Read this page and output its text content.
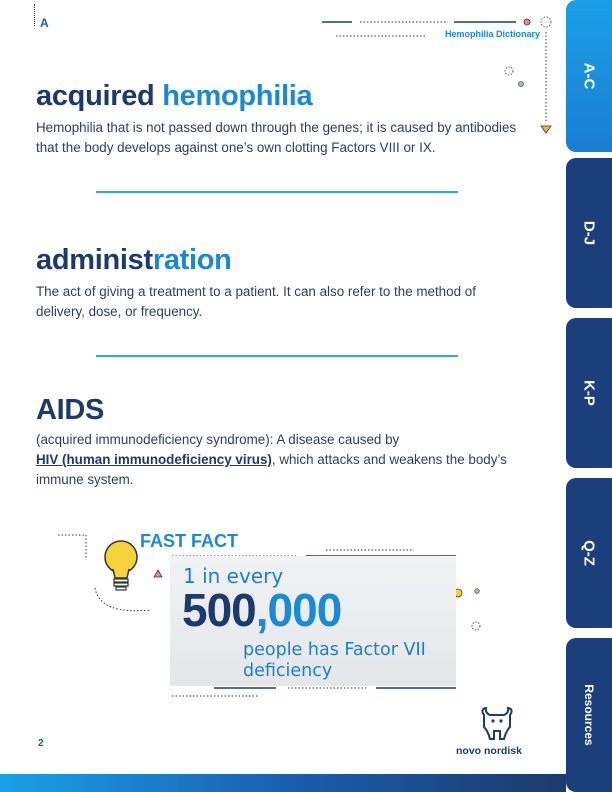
A
Hemophilia Dictionary
acquired hemophilia
Hemophilia that is not passed down through the genes; it is caused by antibodies that the body develops against one’s own clotting Factors VIII or IX.
administration
The act of giving a treatment to a patient. It can also refer to the method of delivery, dose, or frequency.
AIDS
(acquired immunodeficiency syndrome): A disease caused by
HIV (human immunodeficiency virus), which attacks and weakens the body’s immune system.
FAST FACT
1 in every
500,000
people has Factor VII deficiency
A-C
D-J
K-P
Q-Z
Resources
2
novo nordisk
